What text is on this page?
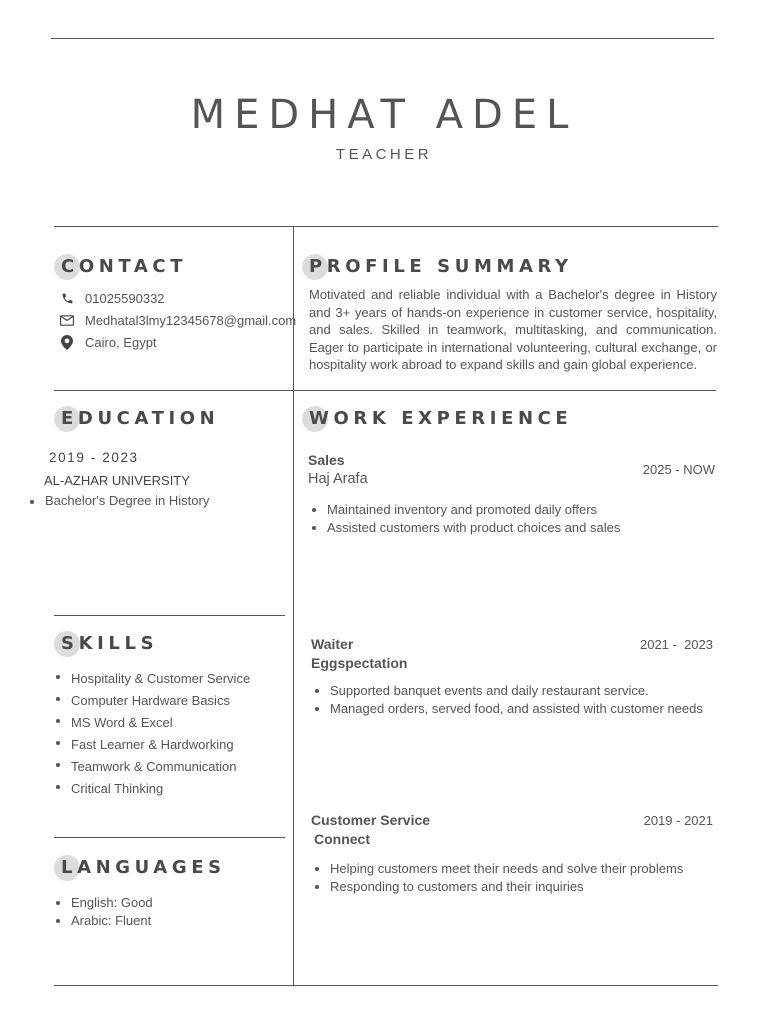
MEDHAT ADEL
TEACHER
CONTACT
01025590332
Medhatal3lmy12345678@gmail.com
Cairo, Egypt
PROFILE SUMMARY
Motivated and reliable individual with a Bachelor's degree in History and 3+ years of hands-on experience in customer service, hospitality, and sales. Skilled in teamwork, multitasking, and communication. Eager to participate in international volunteering, cultural exchange, or hospitality work abroad to expand skills and gain global experience.
EDUCATION
2019 - 2023
AL-AZHAR UNIVERSITY
Bachelor's Degree in History
WORK EXPERIENCE
Sales
Haj Arafa
2025 - NOW
Maintained inventory and promoted daily offers
Assisted customers with product choices and sales
Waiter
Eggspectation
2021 -  2023
Supported banquet events and daily restaurant service.
Managed orders, served food, and assisted with customer needs
Customer Service
Connect
2019 - 2021
Helping customers meet their needs and solve their problems
Responding to customers and their inquiries
SKILLS
Hospitality & Customer Service
Computer Hardware Basics
MS Word & Excel
Fast Learner & Hardworking
Teamwork & Communication
Critical Thinking
LANGUAGES
English: Good
Arabic: Fluent
